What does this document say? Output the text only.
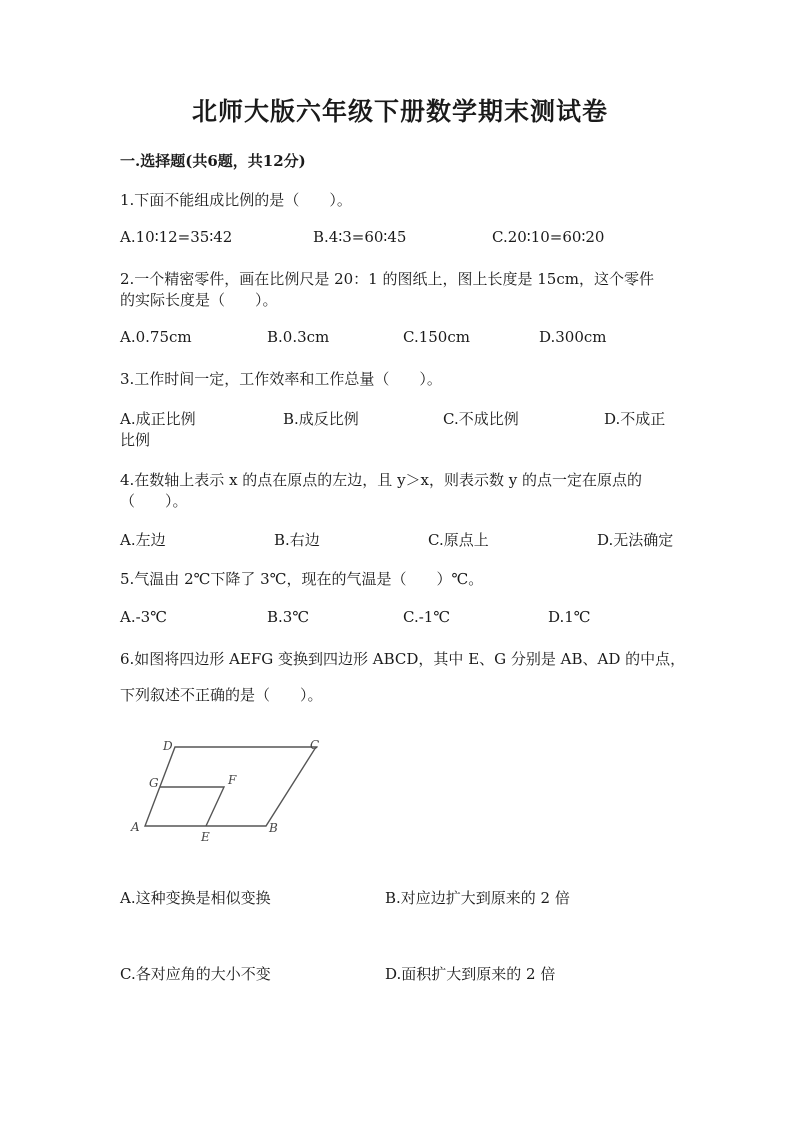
北师大版六年级下册数学期末测试卷
一.选择题(共6题，共12分)
1.下面不能组成比例的是（　　）。
A.10∶12=35∶42	B.4∶3=60∶45	C.20∶10=60∶20
2.一个精密零件，画在比例尺是 20：1 的图纸上，图上长度是 15cm，这个零件
的实际长度是（　　）。
A.0.75cm	B.0.3cm	C.150cm	D.300cm
3.工作时间一定，工作效率和工作总量（　　）。
A.成正比例	B.成反比例	C.不成比例	D.不成正
比例
4.在数轴上表示 x 的点在原点的左边，且 y＞x，则表示数 y 的点一定在原点的
（　　）。
A.左边	B.右边	C.原点上	D.无法确定
5.气温由 2℃下降了 3℃，现在的气温是（　　）℃。
A.-3℃	B.3℃	C.-1℃	D.1℃
6.如图将四边形 AEFG 变换到四边形 ABCD，其中 E、G 分别是 AB、AD 的中点，
下列叙述不正确的是（　　）。
D	C
G	F
A
E
B
A.这种变换是相似变换	B.对应边扩大到原来的 2 倍
C.各对应角的大小不变	D.面积扩大到原来的 2 倍
